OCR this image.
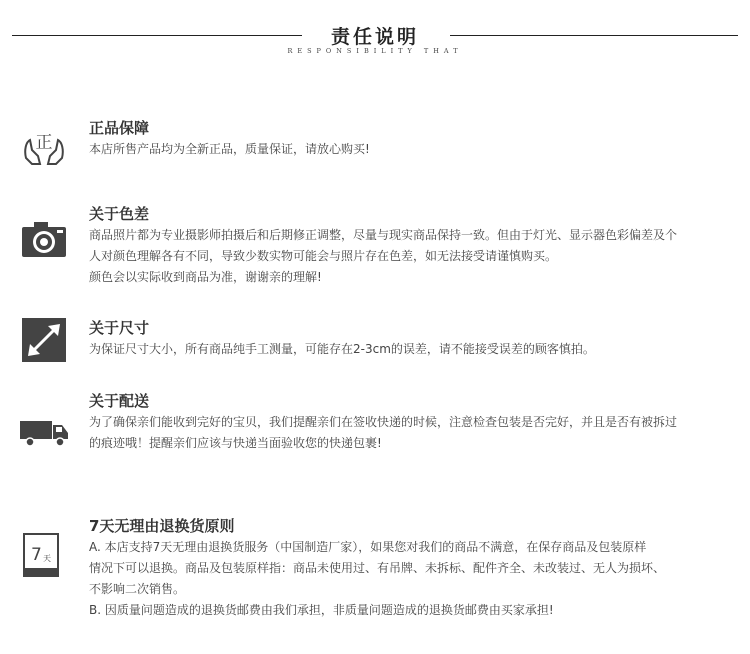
责任说明
RESPONSIBILITY THAT
正
正品保障
本店所售产品均为全新正品，质量保证，请放心购买!
关于色差
商品照片都为专业摄影师拍摄后和后期修正调整，尽量与现实商品保持一致。但由于灯光、显示器色彩偏差及个
人对颜色理解各有不同，导致少数实物可能会与照片存在色差，如无法接受请谨慎购买。
颜色会以实际收到商品为准，谢谢亲的理解!
关于尺寸
为保证尺寸大小，所有商品纯手工测量，可能存在2-3cm的误差，请不能接受误差的顾客慎拍。
关于配送
为了确保亲们能收到完好的宝贝，我们提醒亲们在签收快递的时候，注意检查包装是否完好，并且是否有被拆过
的痕迹哦！提醒亲们应该与快递当面验收您的快递包裹!
7 天
7天无理由退换货原则
A. 本店支持7天无理由退换货服务（中国制造厂家），如果您对我们的商品不满意，在保存商品及包装原样
情况下可以退换。商品及包装原样指：商品未使用过、有吊牌、未拆标、配件齐全、未改装过、无人为损坏、
不影响二次销售。
B. 因质量问题造成的退换货邮费由我们承担，非质量问题造成的退换货邮费由买家承担!
